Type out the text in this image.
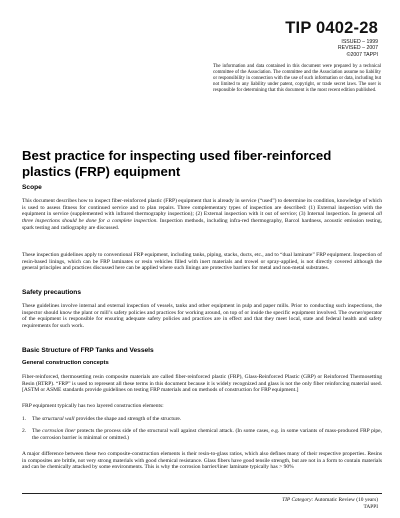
TIP 0402-28
ISSUED – 1999
REVISED – 2007
©2007 TAPPI

The information and data contained in this document were prepared by a technical committee of the Association. The committee and the Association assume no liability or responsibility in connection with the use of such information or data, including but not limited to any liability under patent, copyright, or trade secret laws. The user is responsible for determining that this document is the most recent edition published.

Best practice for inspecting used fiber-reinforced plastics (FRP) equipment
Scope

This document describes how to inspect fiber-reinforced plastic (FRP) equipment that is already in service (“used”) to determine its condition, knowledge of which is used to assess fitness for continued service and to plan repairs. Three complementary types of inspection are described: (1) External inspection with the equipment in service (supplemented with infrared thermography inspection); (2) External inspection with it out of service; (3) Internal inspection. In general all three inspections should be done for a complete inspection. Inspection methods, including infra-red thermography, Barcol hardness, acoustic emission testing, spark testing and radiography are discussed.

These inspection guidelines apply to conventional FRP equipment, including tanks, piping, stacks, ducts, etc., and to “dual laminate” FRP equipment. Inspection of resin-based linings, which can be FRP laminates or resin vehicles filled with inert materials and trowel or spray-applied, is not directly covered although the general principles and practices discussed here can be applied where such linings are protective barriers for metal and non-metal substrates.

Safety precautions

These guidelines involve internal and external inspection of vessels, tanks and other equipment in pulp and paper mills. Prior to conducting such inspections, the inspector should know the plant or mill’s safety policies and practices for working around, on top of or inside the specific equipment involved. The owner/operator of the equipment is responsible for ensuring adequate safety policies and practices are in effect and that they meet local, state and federal health and safety requirements for such work.

Basic Structure of FRP Tanks and Vessels
General construction concepts

Fiber-reinforced, thermosetting resin composite materials are called fiber-reinforced plastic (FRP), Glass-Reinforced Plastic (GRP) or Reinforced Thermosetting Resin (RTRP). “FRP” is used to represent all these terms in this document because it is widely recognized and glass is not the only fiber reinforcing material used. [ASTM or ASME standards provide guidelines on testing FRP materials and on methods of construction for FRP equipment.]

FRP equipment typically has two layered construction elements:

1. The structural wall provides the shape and strength of the structure.
2. The corrosion liner protects the process side of the structural wall against chemical attack. (In some cases, e.g. in some variants of mass-produced FRP pipe, the corrosion barrier is minimal or omitted.)

A major difference between these two composite-construction elements is their resin-to-glass ratios, which also defines many of their respective properties. Resins in composites are brittle, not very strong materials with good chemical resistance. Glass fibers have good tensile strength, but are not in a form to contain materials and can be chemically attacked by some environments. This is why the corrosion barrier/liner laminate typically has > 90%

TIP Category: Automatic Review (10 years)
TAPPI
